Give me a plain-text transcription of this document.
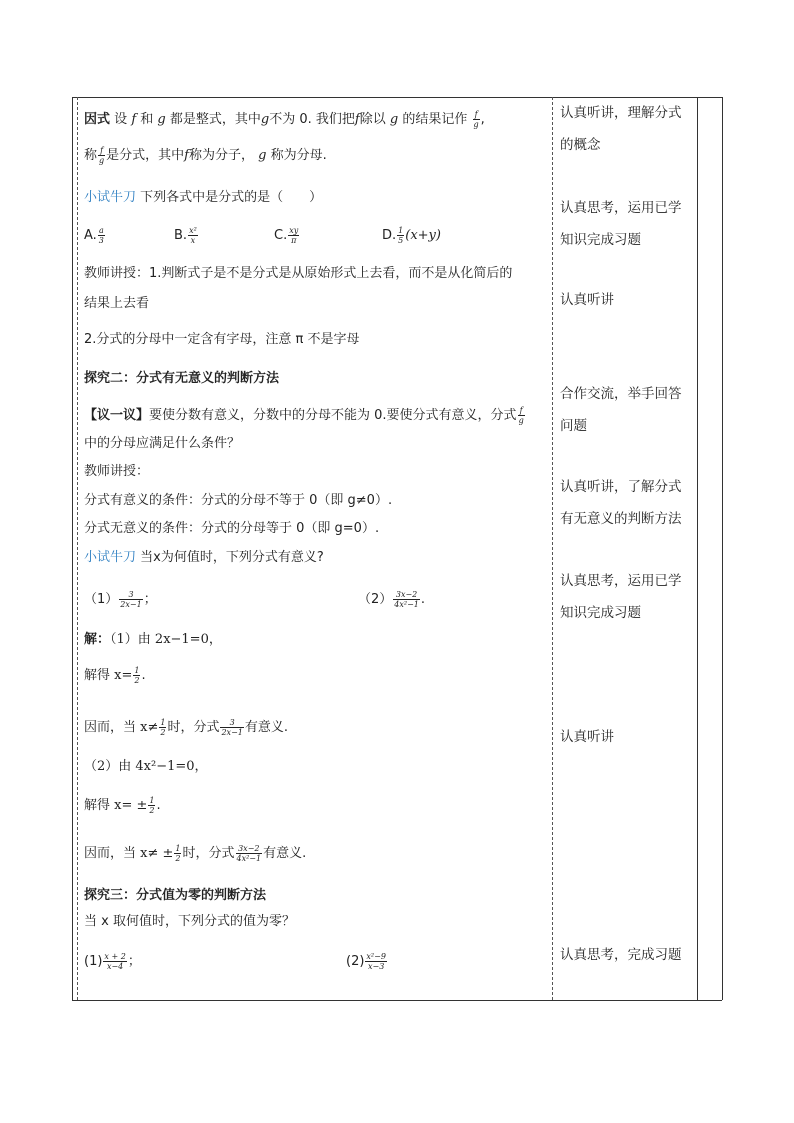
因式 设 f 和 g 都是整式，其中g不为 0. 我们把f除以 g 的结果记作 $\frac{f}{g}$ ,
称 $\frac{f}{g}$ 是分式，其中f称为分子， g 称为分母.
小试牛刀 下列各式中是分式的是（　　）
A. $\frac{a}{3}$	B. $\frac{\text{x²}}{x}$	C. $\frac{xy}{\pi}$	D. $\frac{1}{5} (x+y)$
教师讲授：1.判断式子是不是分式是从原始形式上去看，而不是从化简后的
结果上去看
2.分式的分母中一定含有字母，注意 π 不是字母
探究二：分式有无意义的判断方法
【议一议】要使分数有意义，分数中的分母不能为 0.要使分式有意义，分式 $\frac{f}{g}$
中的分母应满足什么条件？
教师讲授：
分式有意义的条件：分式的分母不等于 0（即 g≠0）.
分式无意义的条件：分式的分母等于 0（即 g=0）.
小试牛刀 当x为何值时，下列分式有意义?
$(1) \frac{3}{2x-1}$ ；	$(2) \frac{3x-2}{\text{4x²−1}}$ .
解：（1）由 2x−1=0，
解得 $x= \frac{1}{2}$ .
因而，当 $x\ne \frac{1}{2}$ 时，分式 $\frac{3}{2x-1}$ 有意义.
（2）由 4x²−1=0，
解得 $x= \pm \frac{1}{2}$ .
因而，当 $x\ne \pm \frac{1}{2}$ 时，分式 $\frac{3x-2}{\text{4x²−1}}$ 有意义.
探究三：分式值为零的判断方法
当 x 取何值时，下列分式的值为零？
$(1) \frac{x + 2}{x-4}$ ；	$(2) \frac{\text{x²−9}}{x-3}$
认真听讲，理解分式
的概念
认真思考，运用已学
知识完成习题
认真听讲
合作交流，举手回答
问题
认真听讲，了解分式
有无意义的判断方法
认真思考，运用已学
知识完成习题
认真听讲
认真思考，完成习题
